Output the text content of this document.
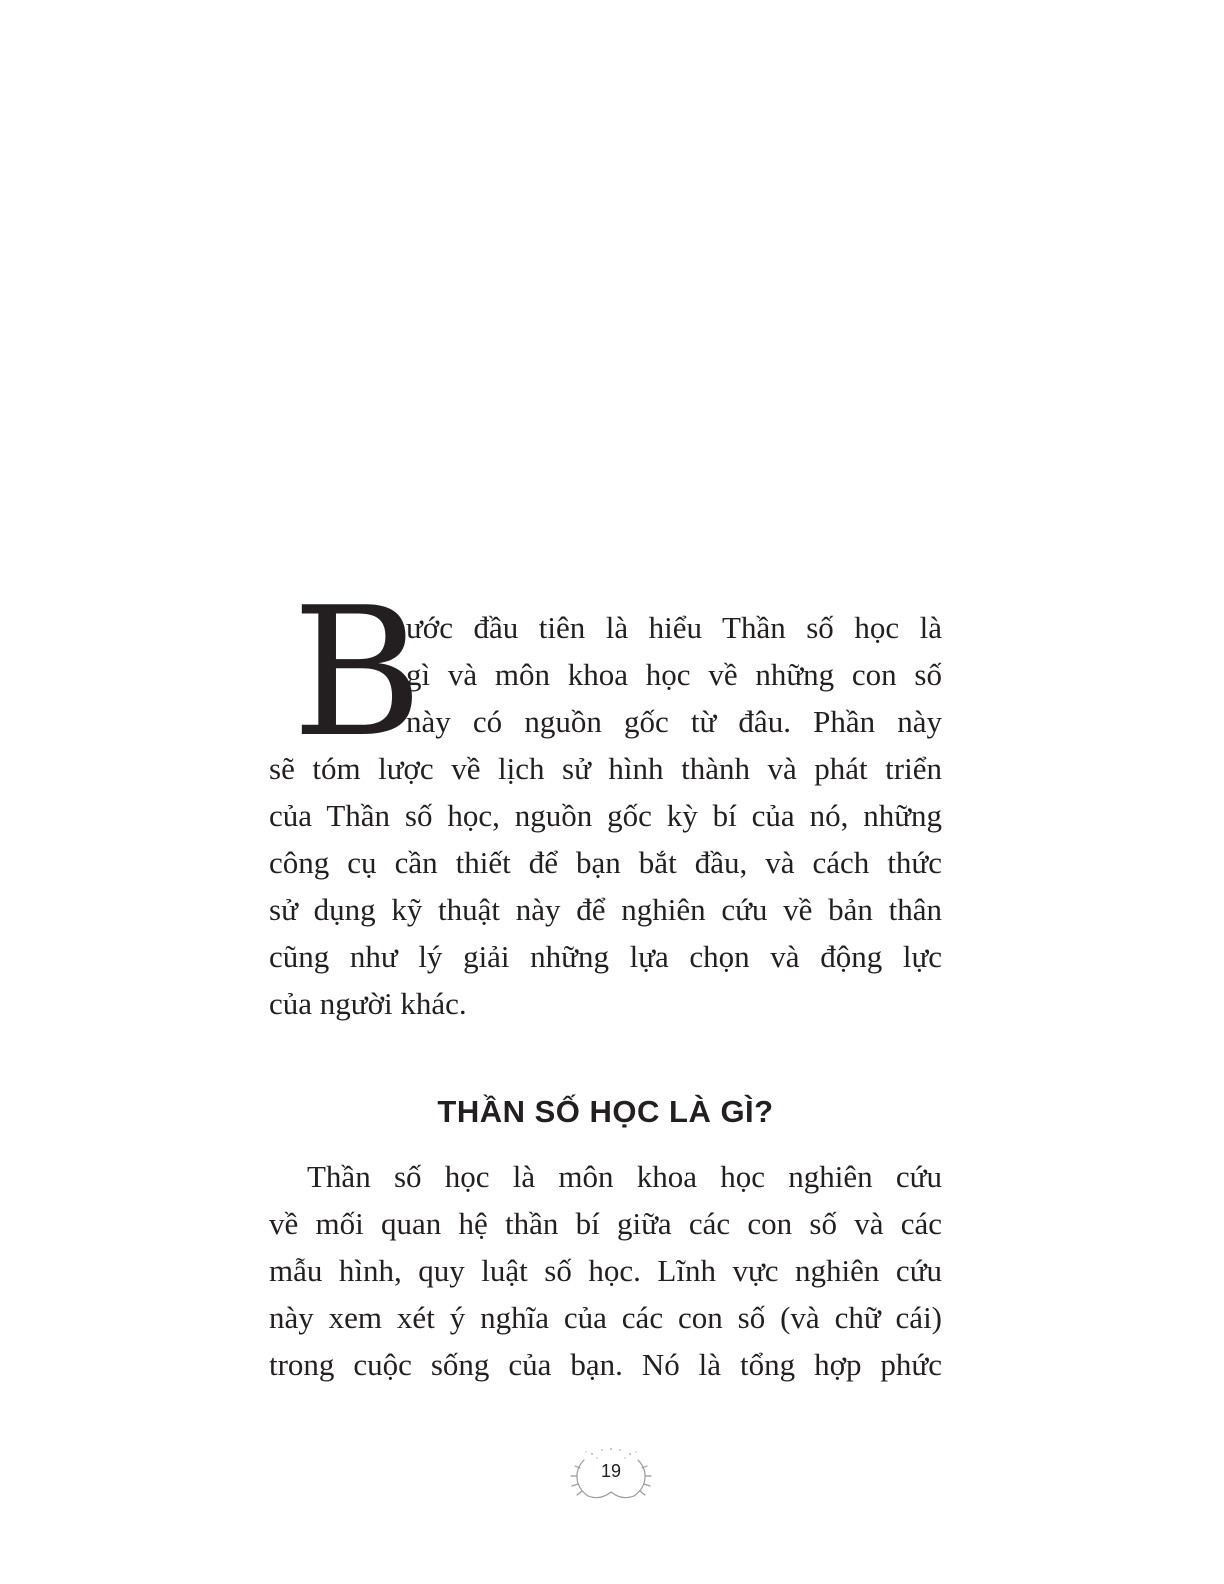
B
ước đầu tiên là hiểu Thần số học là
gì và môn khoa học về những con số
này có nguồn gốc từ đâu. Phần này
sẽ tóm lược về lịch sử hình thành và phát triển
của Thần số học, nguồn gốc kỳ bí của nó, những
công cụ cần thiết để bạn bắt đầu, và cách thức
sử dụng kỹ thuật này để nghiên cứu về bản thân
cũng như lý giải những lựa chọn và động lực
của người khác.
THẦN SỐ HỌC LÀ GÌ?
Thần số học là môn khoa học nghiên cứu
về mối quan hệ thần bí giữa các con số và các
mẫu hình, quy luật số học. Lĩnh vực nghiên cứu
này xem xét ý nghĩa của các con số (và chữ cái)
trong cuộc sống của bạn. Nó là tổng hợp phức
19
